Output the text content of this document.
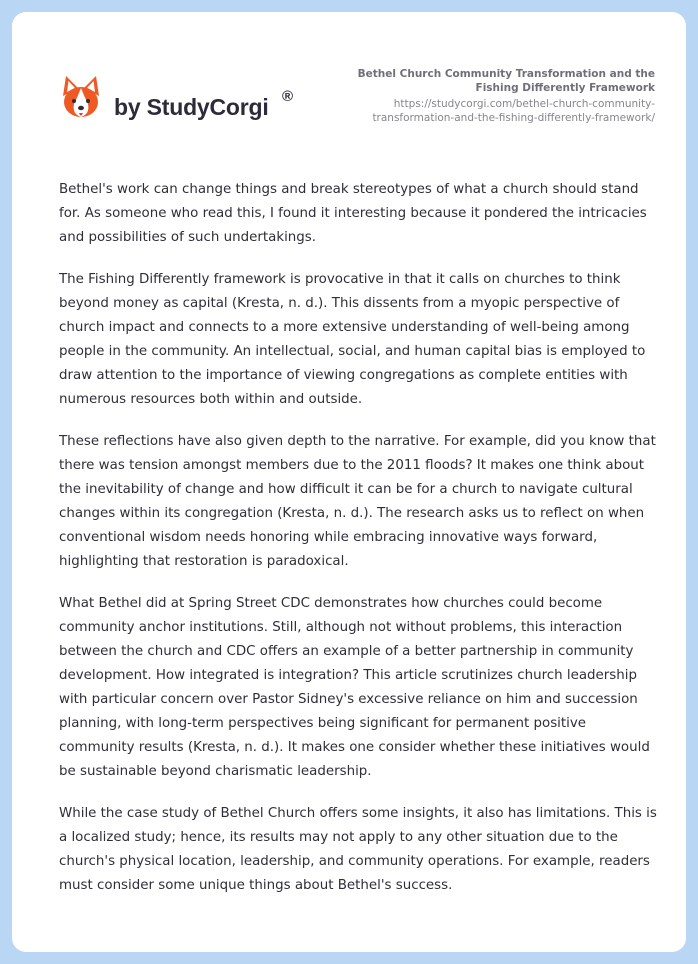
by StudyCorgi ®
Bethel Church Community Transformation and the
Fishing Differently Framework
https://studycorgi.com/bethel-church-community-
transformation-and-the-fishing-differently-framework/

Bethel's work can change things and break stereotypes of what a church should stand for. As someone who read this, I found it interesting because it pondered the intricacies and possibilities of such undertakings.

The Fishing Differently framework is provocative in that it calls on churches to think beyond money as capital (Kresta, n. d.). This dissents from a myopic perspective of church impact and connects to a more extensive understanding of well-being among people in the community. An intellectual, social, and human capital bias is employed to draw attention to the importance of viewing congregations as complete entities with numerous resources both within and outside.

These reflections have also given depth to the narrative. For example, did you know that there was tension amongst members due to the 2011 floods? It makes one think about the inevitability of change and how difficult it can be for a church to navigate cultural changes within its congregation (Kresta, n. d.). The research asks us to reflect on when conventional wisdom needs honoring while embracing innovative ways forward, highlighting that restoration is paradoxical.

What Bethel did at Spring Street CDC demonstrates how churches could become community anchor institutions. Still, although not without problems, this interaction between the church and CDC offers an example of a better partnership in community development. How integrated is integration? This article scrutinizes church leadership with particular concern over Pastor Sidney's excessive reliance on him and succession planning, with long-term perspectives being significant for permanent positive community results (Kresta, n. d.). It makes one consider whether these initiatives would be sustainable beyond charismatic leadership.

While the case study of Bethel Church offers some insights, it also has limitations. This is a localized study; hence, its results may not apply to any other situation due to the church's physical location, leadership, and community operations. For example, readers must consider some unique things about Bethel's success.
